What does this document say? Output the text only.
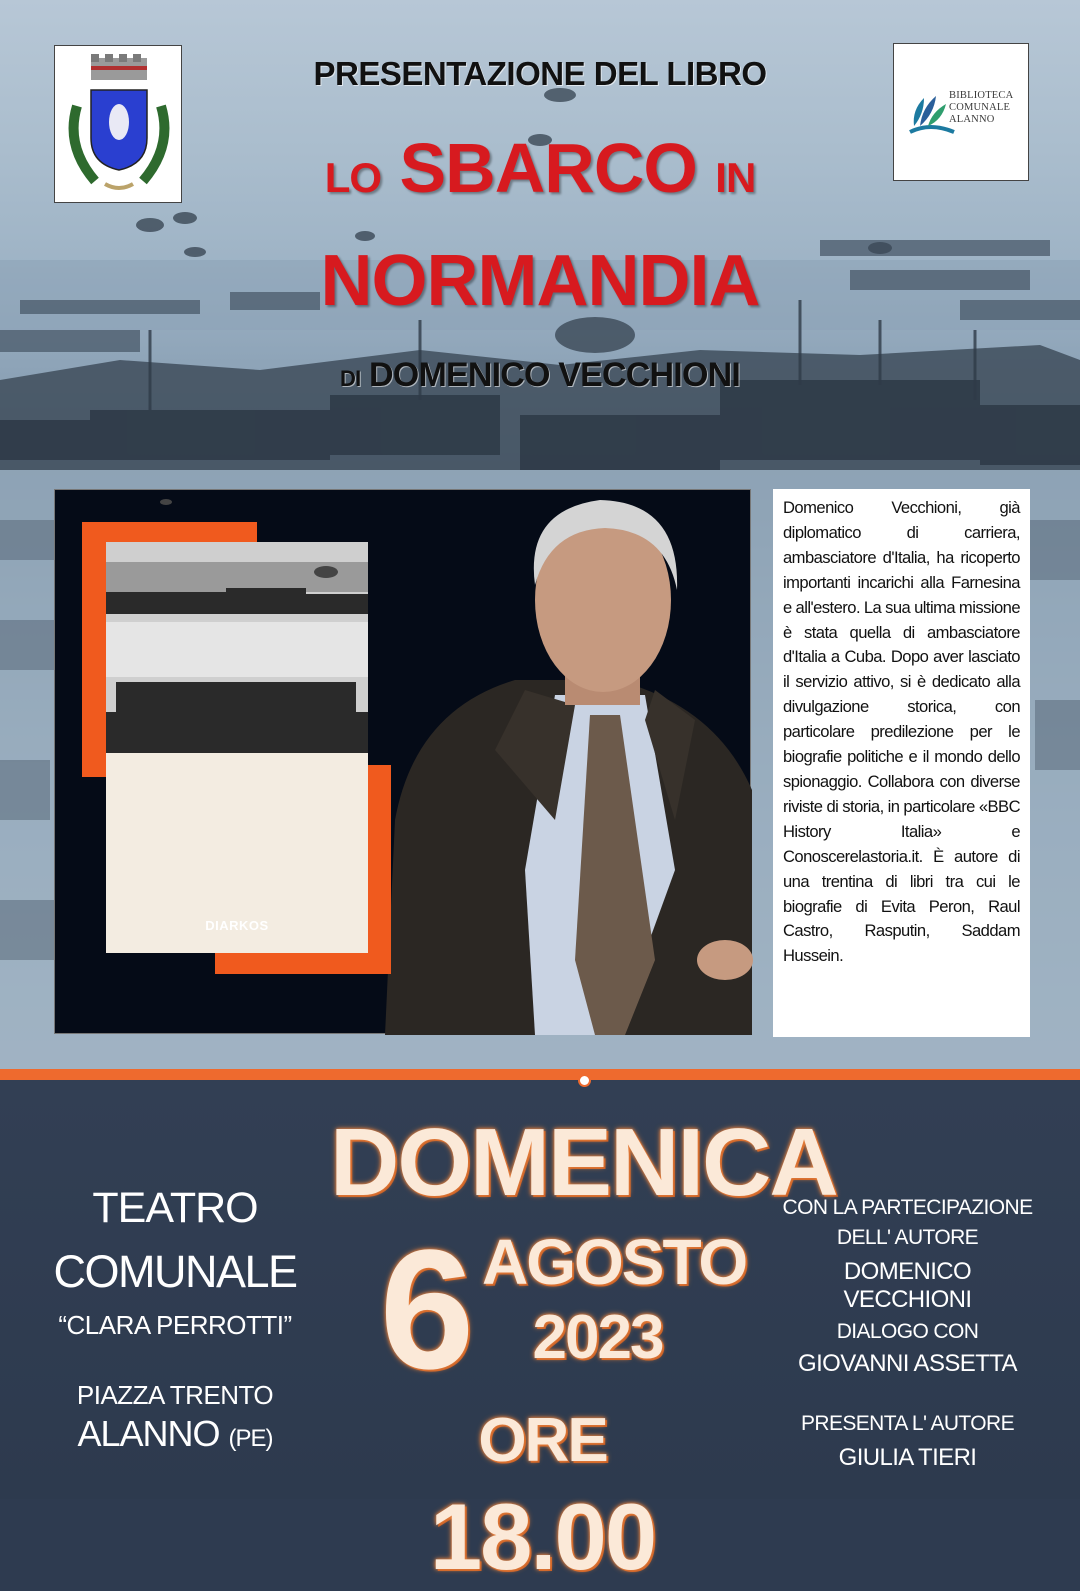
BIBLIOTECA
COMUNALE
ALANNO
PRESENTAZIONE DEL LIBRO
LO SBARCO IN
NORMANDIA
DI DOMENICO VECCHIONI
DIARKOS

Domenico Vecchioni, già diplomatico di carriera, ambasciatore d'Italia, ha ricoperto importanti incarichi alla Farnesina e all'estero. La sua ultima missione è stata quella di ambasciatore d'Italia a Cuba. Dopo aver lasciato il servizio attivo, si è dedicato alla divulgazione storica, con particolare predilezione per le biografie politiche e il mondo dello spionaggio. Collabora con diverse riviste di storia, in particolare «BBC History Italia» e Conoscerelastoria.it. È autore di una trentina di libri tra cui le biografie di Evita Peron, Raul Castro, Rasputin, Saddam Hussein.

TEATRO
COMUNALE
“CLARA PERROTTI”
PIAZZA TRENTO
ALANNO (PE)
DOMENICA
6 AGOSTO
2023
ORE 18.00
CON LA PARTECIPAZIONE
DELL' AUTORE
DOMENICO VECCHIONI
DIALOGO CON
GIOVANNI ASSETTA
PRESENTA L' AUTORE
GIULIA TIERI
